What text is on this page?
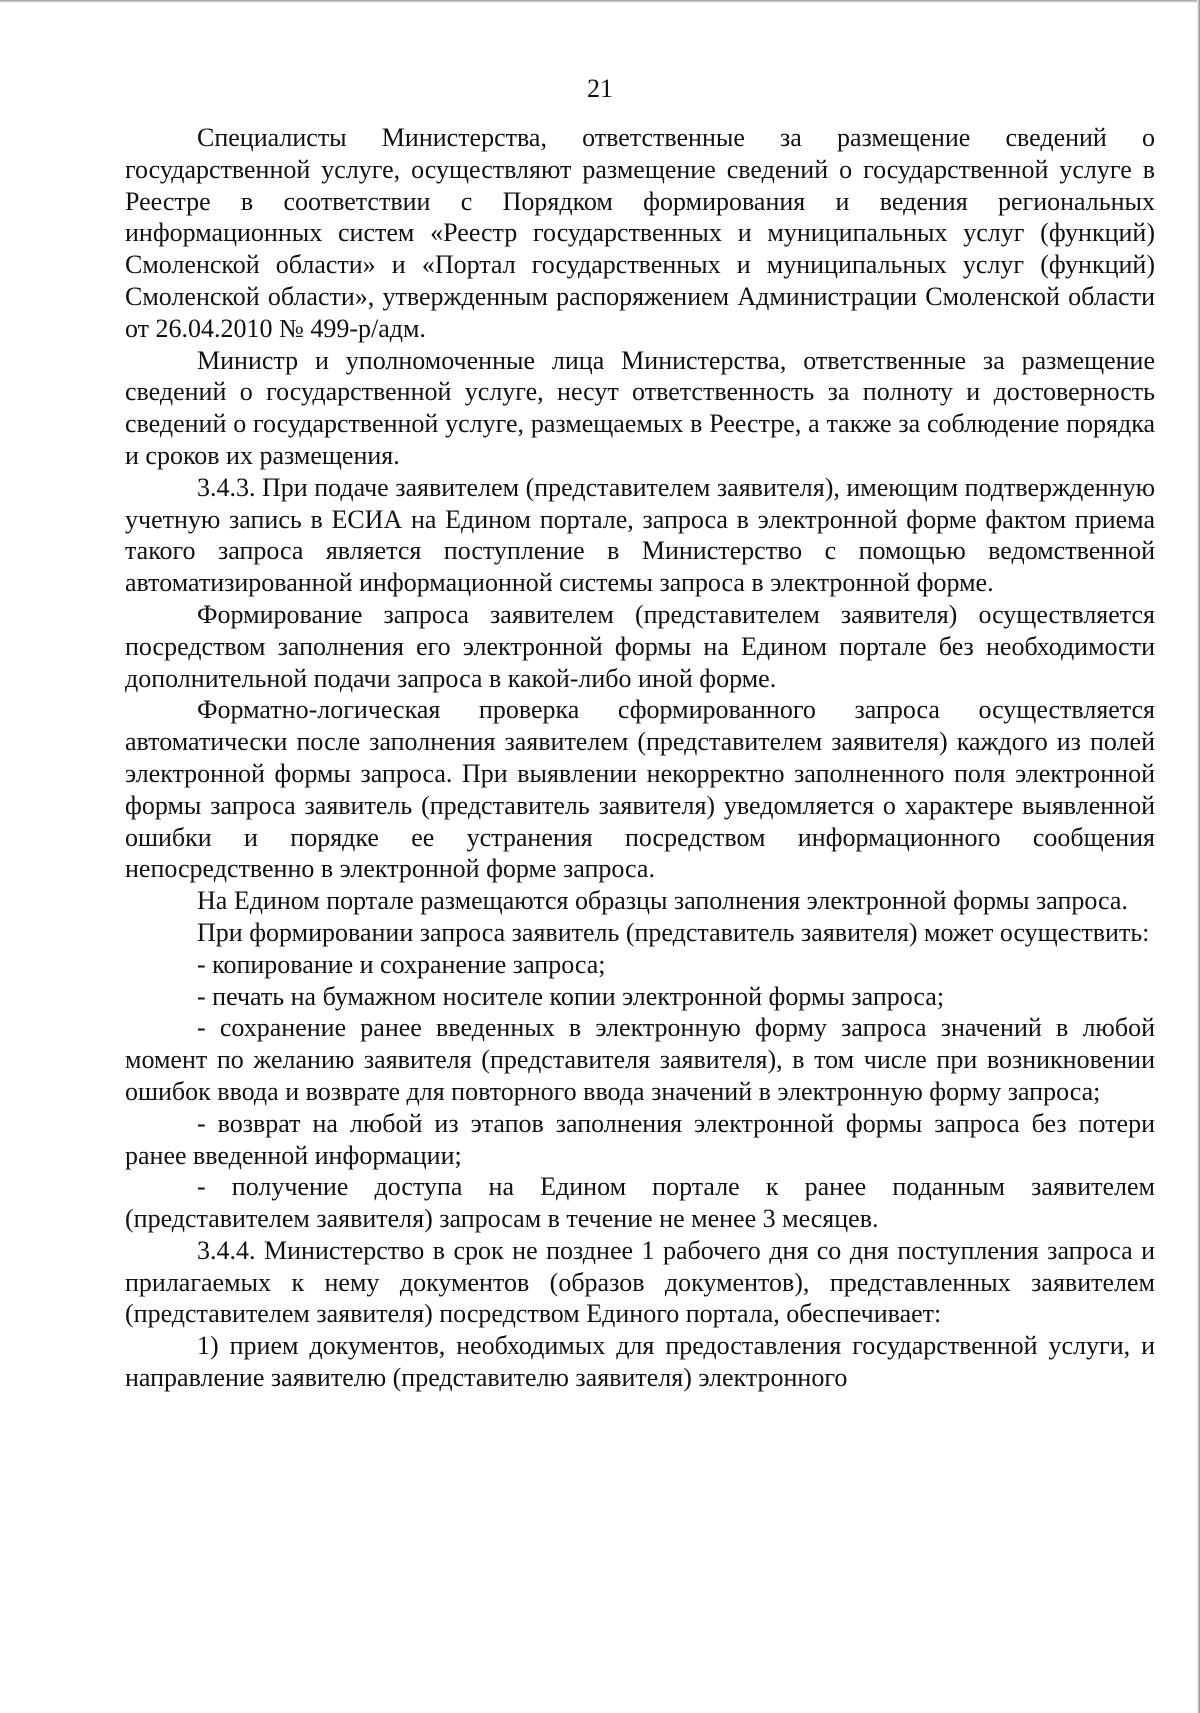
21

Специалисты Министерства, ответственные за размещение сведений о государственной услуге, осуществляют размещение сведений о государственной услуге в Реестре в соответствии с Порядком формирования и ведения региональных информационных систем «Реестр государственных и муниципальных услуг (функций) Смоленской области» и «Портал государственных и муниципальных услуг (функций) Смоленской области», утвержденным распоряжением Администрации Смоленской области от 26.04.2010 № 499-р/адм.

Министр и уполномоченные лица Министерства, ответственные за размещение сведений о государственной услуге, несут ответственность за полноту и достоверность сведений о государственной услуге, размещаемых в Реестре, а также за соблюдение порядка и сроков их размещения.

3.4.3. При подаче заявителем (представителем заявителя), имеющим подтвержденную учетную запись в ЕСИА на Едином портале, запроса в электронной форме фактом приема такого запроса является поступление в Министерство с помощью ведомственной автоматизированной информационной системы запроса в электронной форме.

Формирование запроса заявителем (представителем заявителя) осуществляется посредством заполнения его электронной формы на Едином портале без необходимости дополнительной подачи запроса в какой-либо иной форме.

Форматно-логическая проверка сформированного запроса осуществляется автоматически после заполнения заявителем (представителем заявителя) каждого из полей электронной формы запроса. При выявлении некорректно заполненного поля электронной формы запроса заявитель (представитель заявителя) уведомляется о характере выявленной ошибки и порядке ее устранения посредством информационного сообщения непосредственно в электронной форме запроса.

На Едином портале размещаются образцы заполнения электронной формы запроса.

При формировании запроса заявитель (представитель заявителя) может осуществить:

- копирование и сохранение запроса;

- печать на бумажном носителе копии электронной формы запроса;

- сохранение ранее введенных в электронную форму запроса значений в любой момент по желанию заявителя (представителя заявителя), в том числе при возникновении ошибок ввода и возврате для повторного ввода значений в электронную форму запроса;

- возврат на любой из этапов заполнения электронной формы запроса без потери ранее введенной информации;

- получение доступа на Едином портале к ранее поданным заявителем (представителем заявителя) запросам в течение не менее 3 месяцев.

3.4.4. Министерство в срок не позднее 1 рабочего дня со дня поступления запроса и прилагаемых к нему документов (образов документов), представленных заявителем (представителем заявителя) посредством Единого портала, обеспечивает:

1) прием документов, необходимых для предоставления государственной услуги, и направление заявителю (представителю заявителя) электронного
